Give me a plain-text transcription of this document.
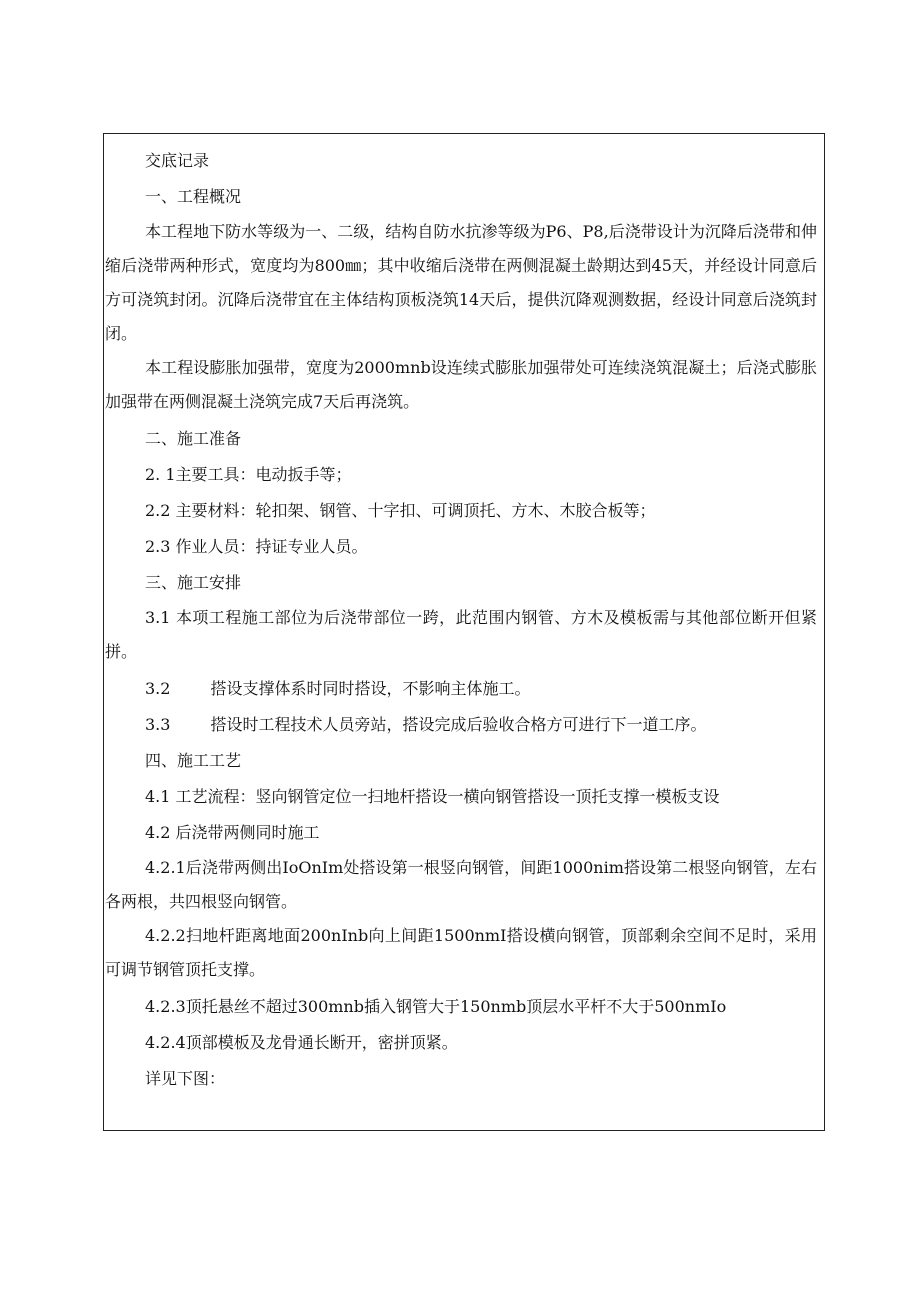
交底记录
一、工程概况

本工程地下防水等级为一、二级，结构自防水抗渗等级为P6、P8,后浇带设计为沉降后浇带和伸缩后浇带两种形式，宽度均为800㎜；其中收缩后浇带在两侧混凝土龄期达到45天，并经设计同意后方可浇筑封闭。沉降后浇带宜在主体结构顶板浇筑14天后，提供沉降观测数据，经设计同意后浇筑封闭。

本工程设膨胀加强带，宽度为2000mnb设连续式膨胀加强带处可连续浇筑混凝土；后浇式膨胀加强带在两侧混凝土浇筑完成7天后再浇筑。

二、施工准备
2. 1主要工具：电动扳手等；
2.2 主要材料：轮扣架、钢管、十字扣、可调顶托、方木、木胶合板等；
2.3 作业人员：持证专业人员。
三、施工安排

3.1 本项工程施工部位为后浇带部位一跨，此范围内钢管、方木及模板需与其他部位断开但紧拼。

3.2	搭设支撑体系时同时搭设，不影响主体施工。
3.3	搭设时工程技术人员旁站，搭设完成后验收合格方可进行下一道工序。
四、施工工艺
4.1 工艺流程：竖向钢管定位一扫地杆搭设一横向钢管搭设一顶托支撑一模板支设
4.2 后浇带两侧同时施工

4.2.1后浇带两侧出IoOnIm处搭设第一根竖向钢管，间距1000nim搭设第二根竖向钢管，左右各两根，共四根竖向钢管。

4.2.2扫地杆距离地面200nInb向上间距1500nmI搭设横向钢管，顶部剩余空间不足时，采用可调节钢管顶托支撑。

4.2.3顶托悬丝不超过300mnb插入钢管大于150nmb顶层水平杆不大于500nmIo
4.2.4顶部模板及龙骨通长断开，密拼顶紧。
详见下图：
